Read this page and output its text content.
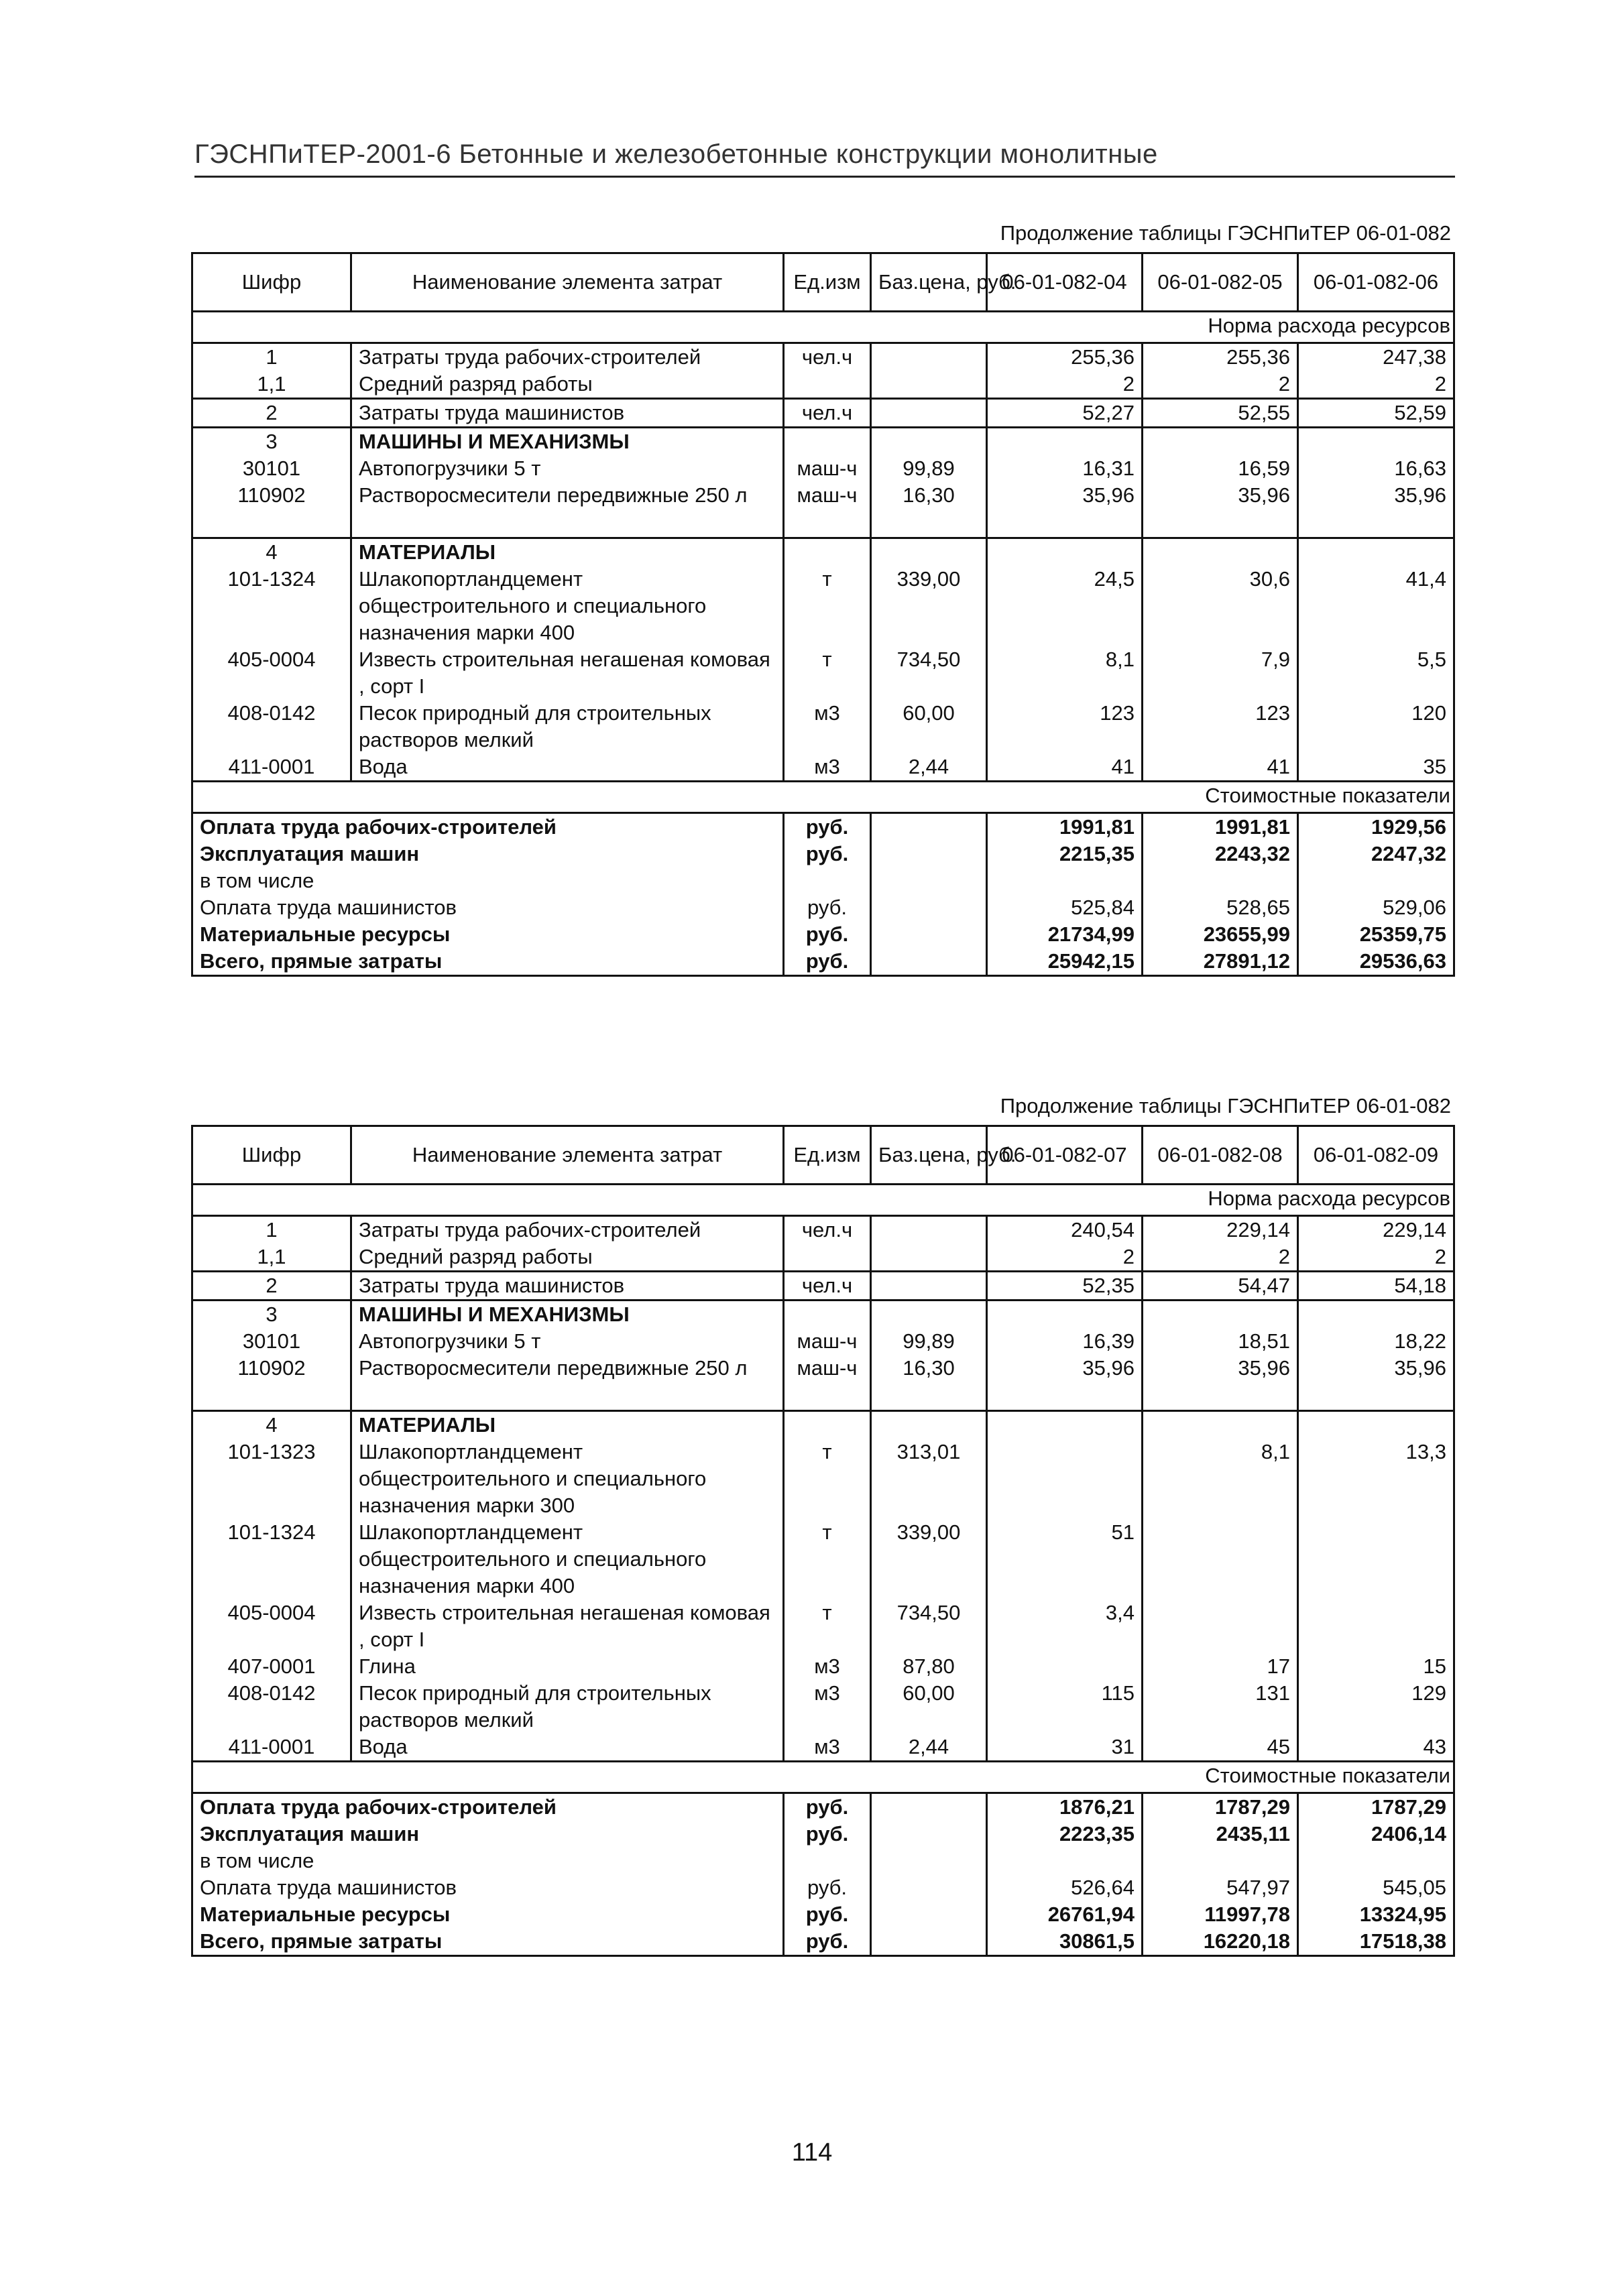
ГЭСНПиТЕР-2001-6 Бетонные и железобетонные конструкции монолитные
Продолжение таблицы ГЭСНПиТЕР 06-01-082
Шифр	Наименование элемента затрат	Ед.изм	Баз.цена, руб.	06-01-082-04	06-01-082-05	06-01-082-06
Норма расхода ресурсов						
1	Затраты труда рабочих-строителей	чел.ч		255,36	255,36	247,38
1,1	Средний разряд работы			2	2	2
2	Затраты труда машинистов	чел.ч		52,27	52,55	52,59
3	МАШИНЫ И МЕХАНИЗМЫ					
30101	Автопогрузчики 5 т	маш-ч	99,89	16,31	16,59	16,63
110902	Растворосмесители передвижные 250 л	маш-ч	16,30	35,96	35,96	35,96

4	МАТЕРИАЛЫ					
101-1324	Шлакопортландцемент общестроительного и специального назначения марки 400	т	339,00	24,5	30,6	41,4
405-0004	Известь строительная негашеная комовая , сорт I	т	734,50	8,1	7,9	5,5
408-0142	Песок природный для строительных растворов мелкий	м3	60,00	123	123	120
411-0001	Вода	м3	2,44	41	41	35
Стоимостные показатели						
Оплата труда рабочих-строителей		руб.		1991,81	1991,81	1929,56
Эксплуатация машин		руб.		2215,35	2243,32	2247,32
в том числе						
Оплата труда машинистов		руб.		525,84	528,65	529,06
Материальные ресурсы		руб.		21734,99	23655,99	25359,75
Всего, прямые затраты		руб.		25942,15	27891,12	29536,63
Продолжение таблицы ГЭСНПиТЕР 06-01-082
Шифр	Наименование элемента затрат	Ед.изм	Баз.цена, руб.	06-01-082-07	06-01-082-08	06-01-082-09
Норма расхода ресурсов						
1	Затраты труда рабочих-строителей	чел.ч		240,54	229,14	229,14
1,1	Средний разряд работы			2	2	2
2	Затраты труда машинистов	чел.ч		52,35	54,47	54,18
3	МАШИНЫ И МЕХАНИЗМЫ					
30101	Автопогрузчики 5 т	маш-ч	99,89	16,39	18,51	18,22
110902	Растворосмесители передвижные 250 л	маш-ч	16,30	35,96	35,96	35,96

4	МАТЕРИАЛЫ					
101-1323	Шлакопортландцемент общестроительного и специального назначения марки 300	т	313,01		8,1	13,3
101-1324	Шлакопортландцемент общестроительного и специального назначения марки 400	т	339,00	51		
405-0004	Известь строительная негашеная комовая , сорт I	т	734,50	3,4		
407-0001	Глина	м3	87,80		17	15
408-0142	Песок природный для строительных растворов мелкий	м3	60,00	115	131	129
411-0001	Вода	м3	2,44	31	45	43
Стоимостные показатели						
Оплата труда рабочих-строителей		руб.		1876,21	1787,29	1787,29
Эксплуатация машин		руб.		2223,35	2435,11	2406,14
в том числе						
Оплата труда машинистов		руб.		526,64	547,97	545,05
Материальные ресурсы		руб.		26761,94	11997,78	13324,95
Всего, прямые затраты		руб.		30861,5	16220,18	17518,38
114
